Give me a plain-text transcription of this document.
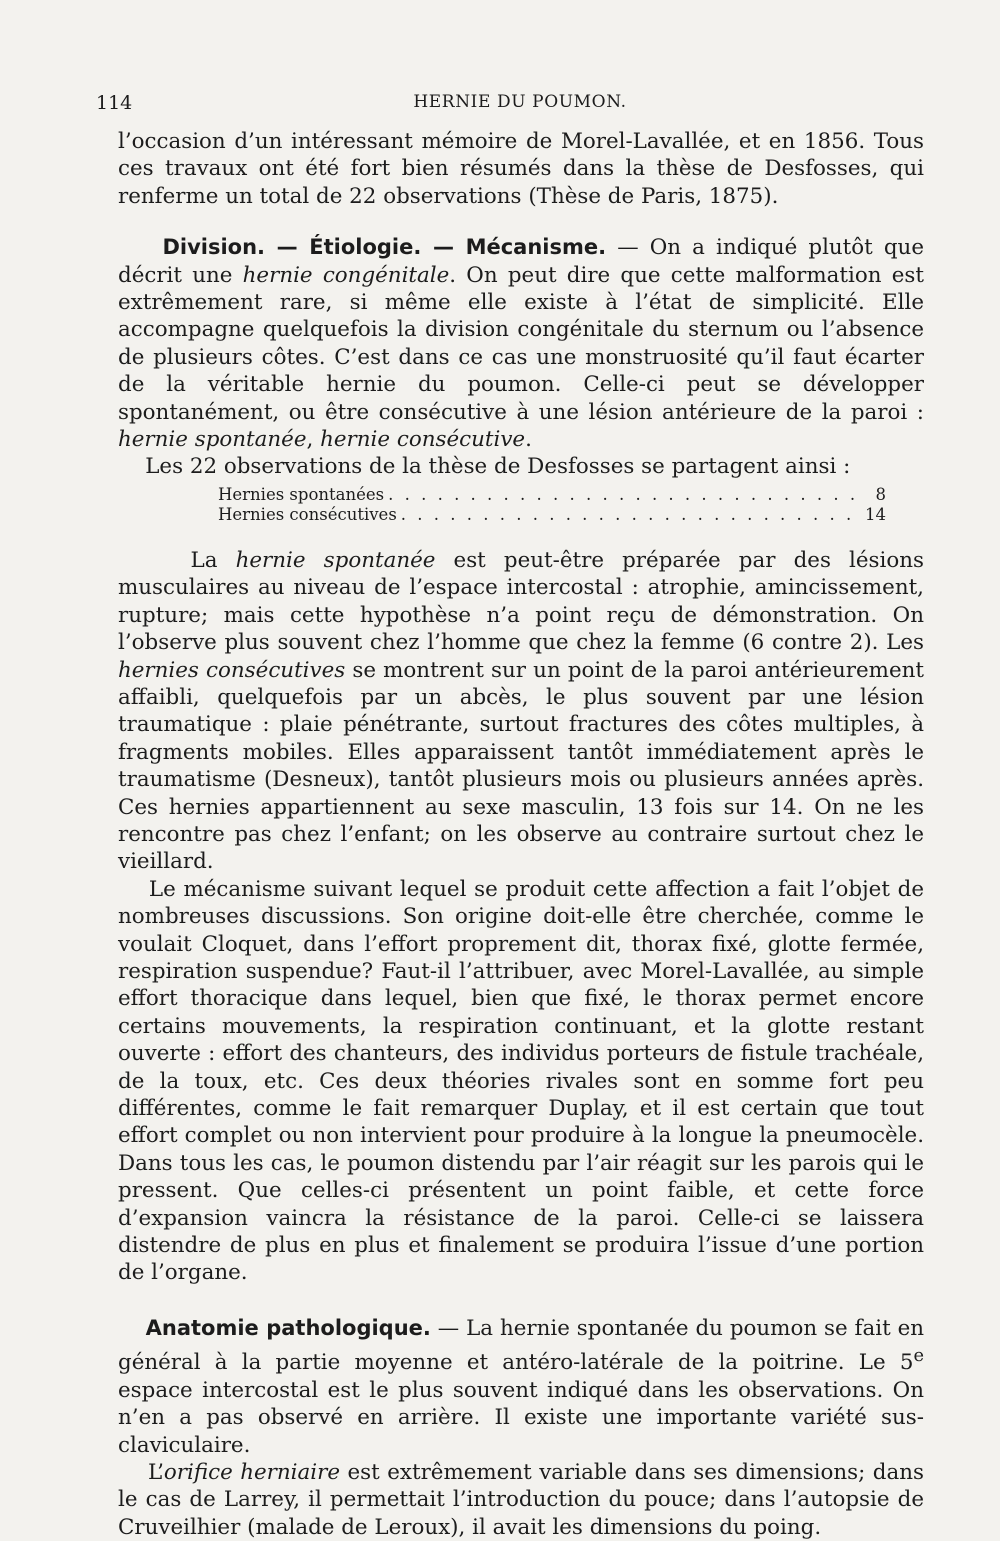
114	HERNIE DU POUMON.

l’occasion d’un intéressant mémoire de Morel-Lavallée, et en 1856. Tous ces travaux ont été fort bien résumés dans la thèse de Desfosses, qui renferme un total de 22 observations (Thèse de Paris, 1875).

Division. — Étiologie. — Mécanisme. — On a indiqué plutôt que décrit une hernie congénitale. On peut dire que cette malformation est extrêmement rare, si même elle existe à l’état de simplicité. Elle accompagne quelquefois la division congénitale du sternum ou l’absence de plusieurs côtes. C’est dans ce cas une monstruosité qu’il faut écarter de la véritable hernie du poumon. Celle-ci peut se développer spontanément, ou être consécutive à une lésion antérieure de la paroi : hernie spontanée, hernie consécutive.

Les 22 observations de la thèse de Desfosses se partagent ainsi :

Hernies spontanées . . .	8
Hernies consécutives . . .	14

La hernie spontanée est peut-être préparée par des lésions musculaires au niveau de l’espace intercostal : atrophie, amincissement, rupture; mais cette hypothèse n’a point reçu de démonstration. On l’observe plus souvent chez l’homme que chez la femme (6 contre 2). Les hernies consécutives se montrent sur un point de la paroi antérieurement affaibli, quelquefois par un abcès, le plus souvent par une lésion traumatique : plaie pénétrante, surtout fractures des côtes multiples, à fragments mobiles. Elles apparaissent tantôt immédiatement après le traumatisme (Desneux), tantôt plusieurs mois ou plusieurs années après. Ces hernies appartiennent au sexe masculin, 13 fois sur 14. On ne les rencontre pas chez l’enfant; on les observe au contraire surtout chez le vieillard.

Le mécanisme suivant lequel se produit cette affection a fait l’objet de nombreuses discussions. Son origine doit-elle être cherchée, comme le voulait Cloquet, dans l’effort proprement dit, thorax fixé, glotte fermée, respiration suspendue? Faut-il l’attribuer, avec Morel-Lavallée, au simple effort thoracique dans lequel, bien que fixé, le thorax permet encore certains mouvements, la respiration continuant, et la glotte restant ouverte : effort des chanteurs, des individus porteurs de fistule trachéale, de la toux, etc. Ces deux théories rivales sont en somme fort peu différentes, comme le fait remarquer Duplay, et il est certain que tout effort complet ou non intervient pour produire à la longue la pneumocèle. Dans tous les cas, le poumon distendu par l’air réagit sur les parois qui le pressent. Que celles-ci présentent un point faible, et cette force d’expansion vaincra la résistance de la paroi. Celle-ci se laissera distendre de plus en plus et finalement se produira l’issue d’une portion de l’organe.

Anatomie pathologique. — La hernie spontanée du poumon se fait en général à la partie moyenne et antéro-latérale de la poitrine. Le 5e espace intercostal est le plus souvent indiqué dans les observations. On n’en a pas observé en arrière. Il existe une importante variété sus-claviculaire.

L’orifice herniaire est extrêmement variable dans ses dimensions; dans le cas de Larrey, il permettait l’introduction du pouce; dans l’autopsie de Cruveilhier (malade de Leroux), il avait les dimensions du poing.
